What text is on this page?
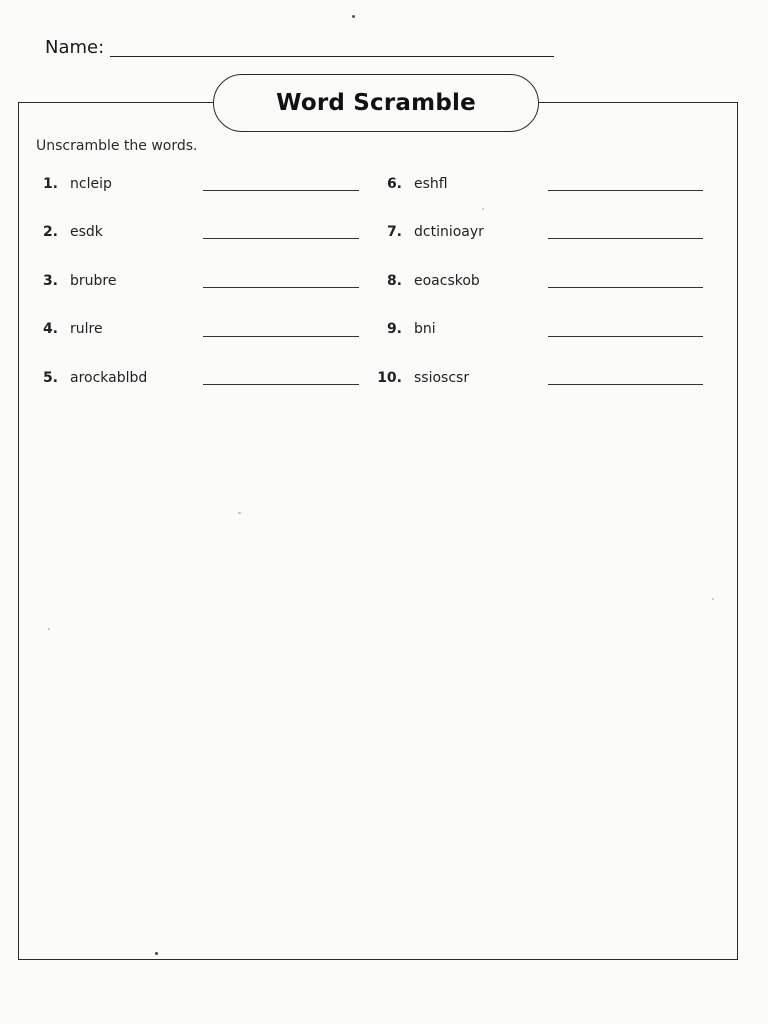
Name:
Word Scramble
Unscramble the words.
1. ncleip
2. esdk
3. brubre
4. rulre
5. arockablbd
6. eshfl
7. dctinioayr
8. eoacskob
9. bni
10. ssioscsr
